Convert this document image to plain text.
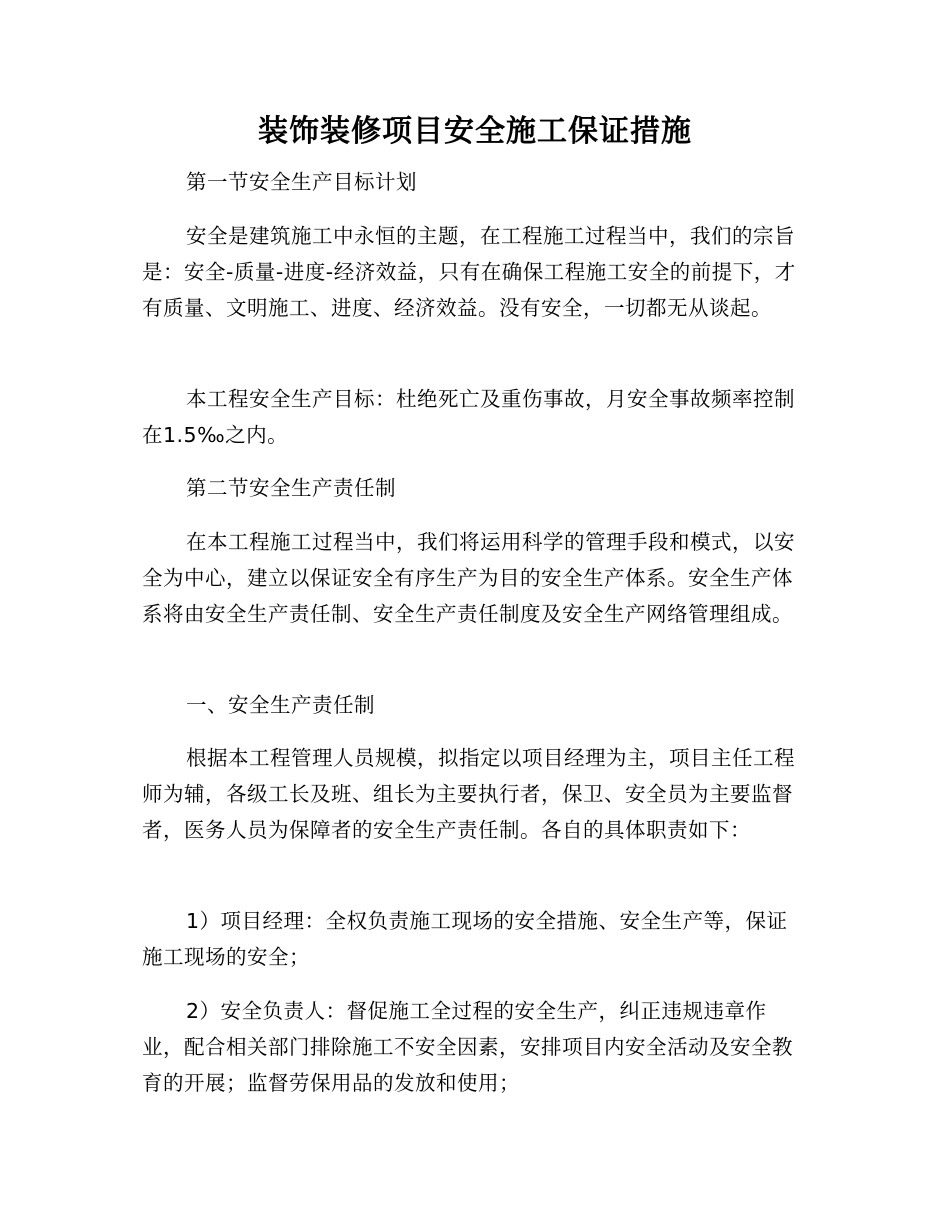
装饰装修项目安全施工保证措施

第一节安全生产目标计划

安全是建筑施工中永恒的主题，在工程施工过程当中，我们的宗旨是：安全-质量-进度-经济效益，只有在确保工程施工安全的前提下，才有质量、文明施工、进度、经济效益。没有安全，一切都无从谈起。

本工程安全生产目标：杜绝死亡及重伤事故，月安全事故频率控制在1.5‰之内。

第二节安全生产责任制

在本工程施工过程当中，我们将运用科学的管理手段和模式，以安全为中心，建立以保证安全有序生产为目的安全生产体系。安全生产体系将由安全生产责任制、安全生产责任制度及安全生产网络管理组成。

一、安全生产责任制

根据本工程管理人员规模，拟指定以项目经理为主，项目主任工程师为辅，各级工长及班、组长为主要执行者，保卫、安全员为主要监督者，医务人员为保障者的安全生产责任制。各自的具体职责如下：

1）项目经理：全权负责施工现场的安全措施、安全生产等，保证施工现场的安全；

2）安全负责人：督促施工全过程的安全生产，纠正违规违章作业，配合相关部门排除施工不安全因素，安排项目内安全活动及安全教育的开展；监督劳保用品的发放和使用；
